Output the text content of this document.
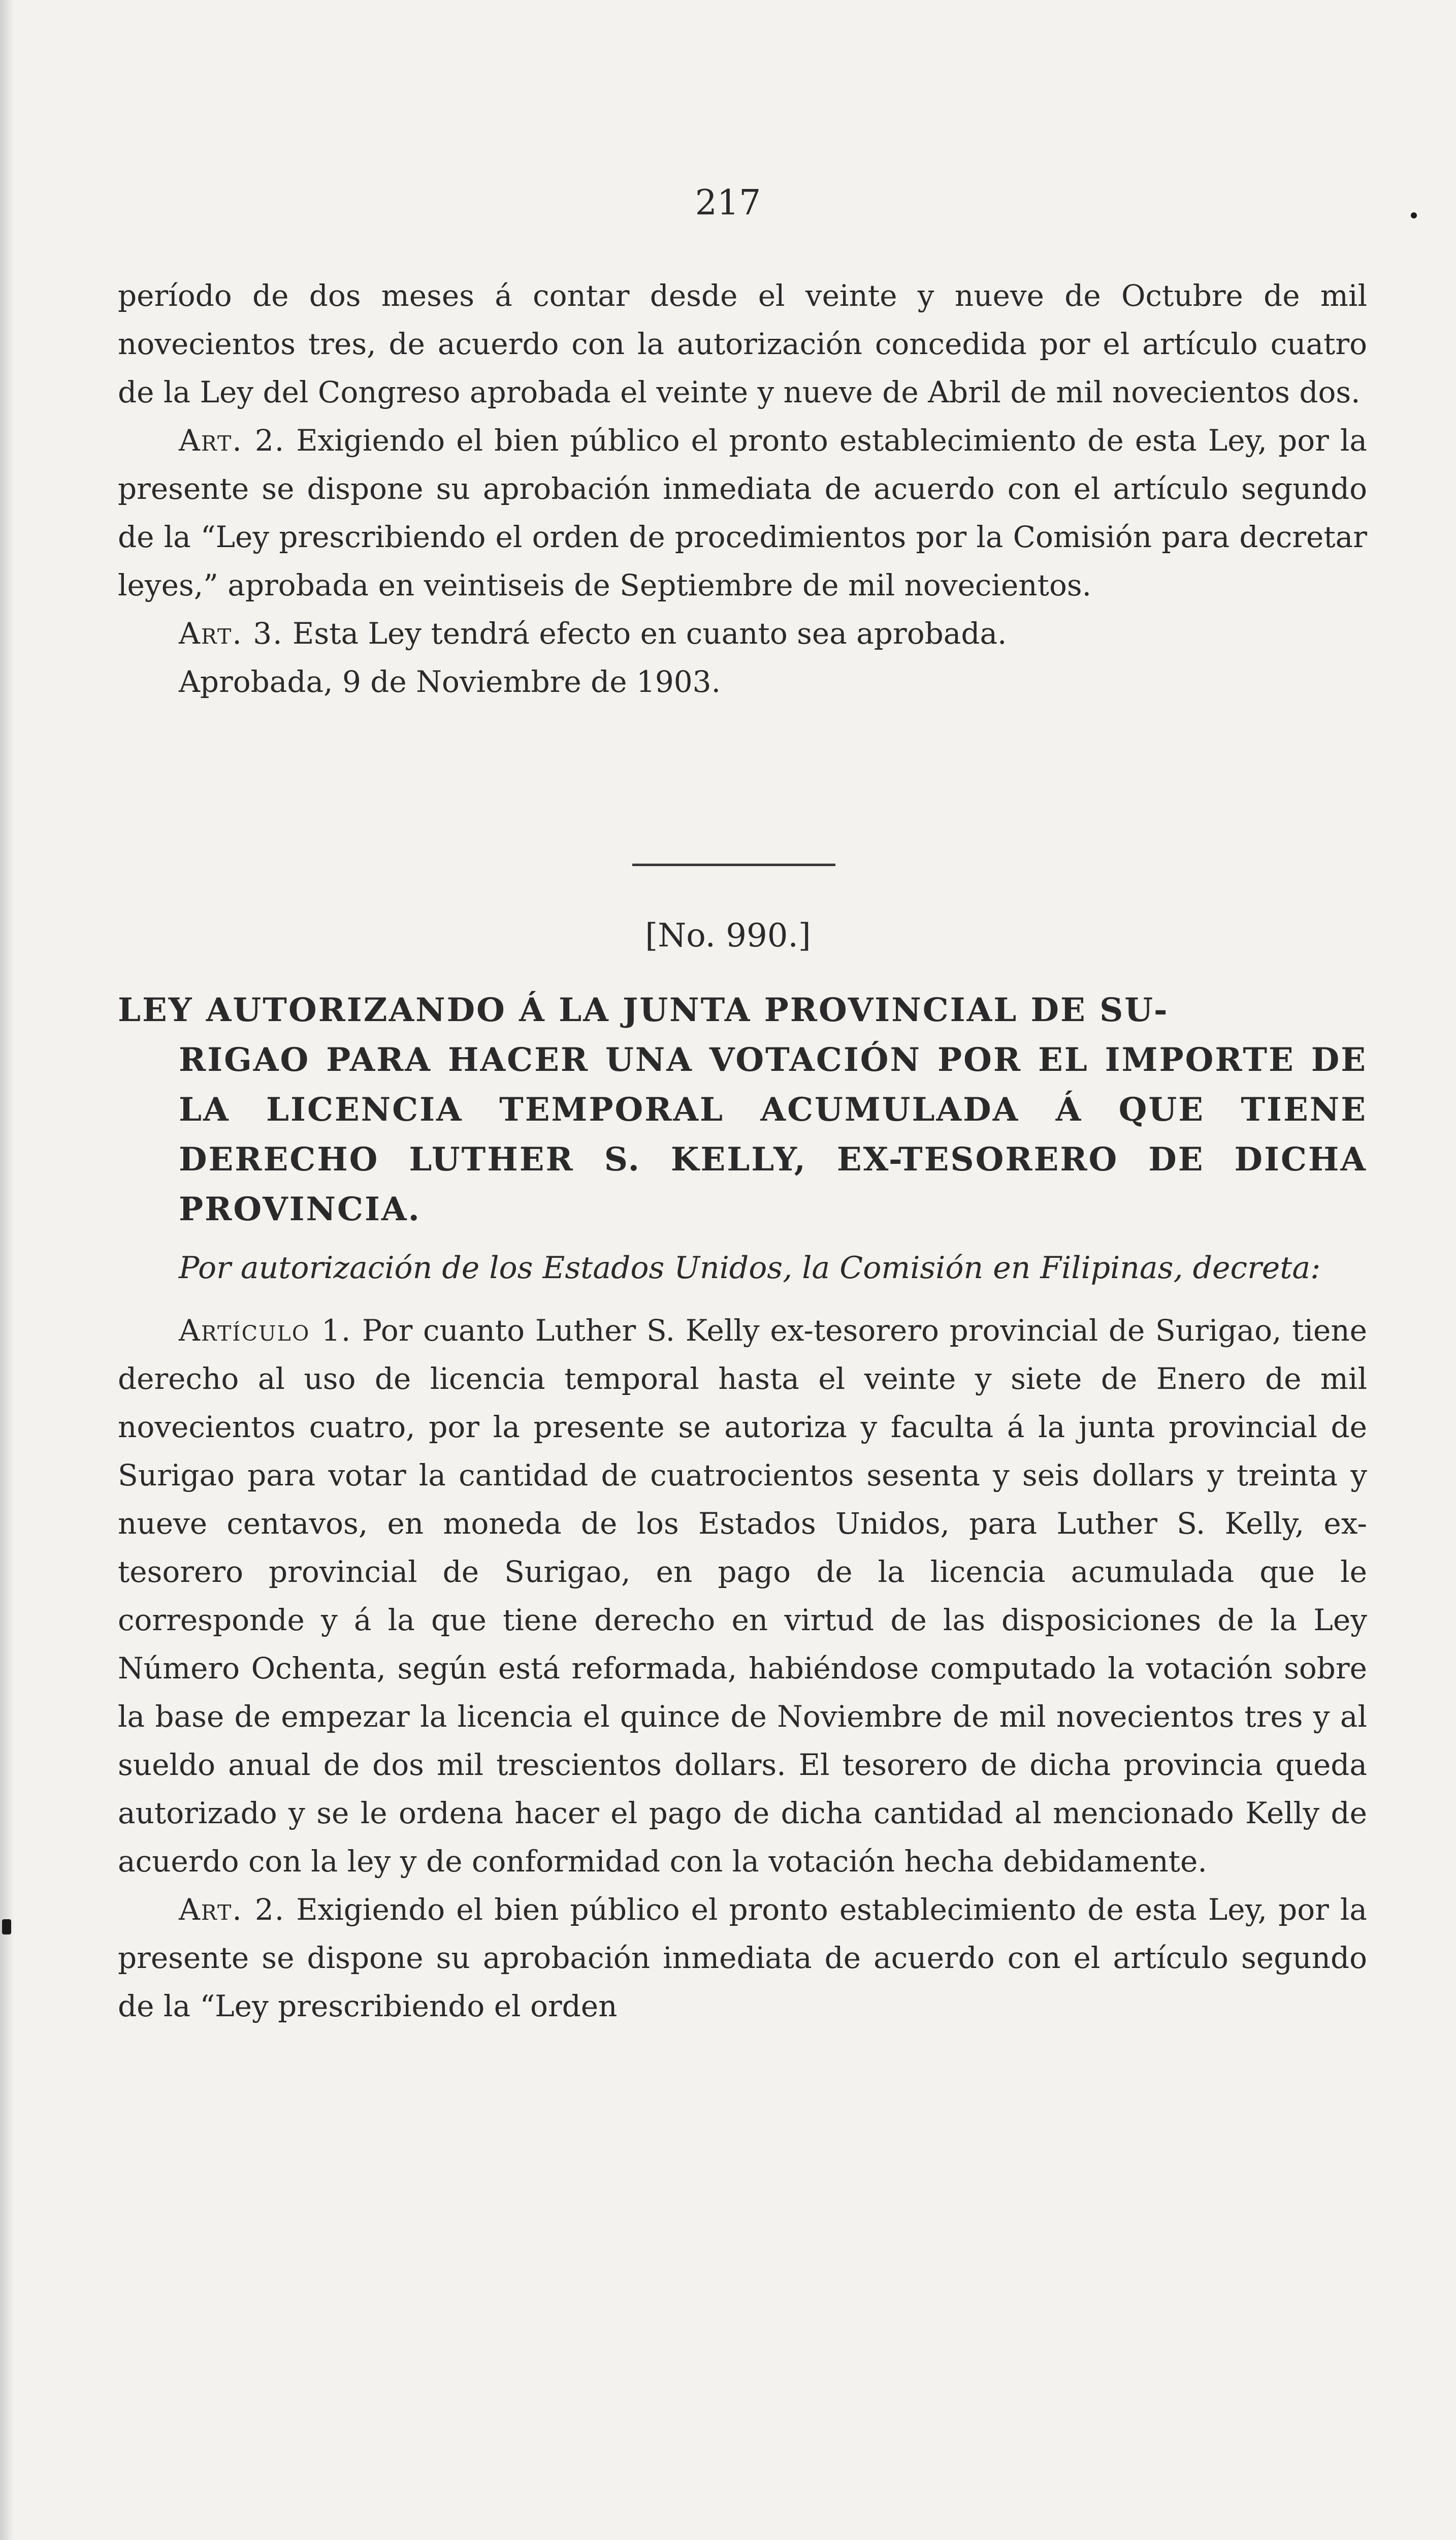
217

período de dos meses á contar desde el veinte y nueve de Octubre de mil novecientos tres, de acuerdo con la autorización concedida por el artículo cuatro de la Ley del Congreso aprobada el veinte y nueve de Abril de mil novecientos dos.

Art. 2. Exigiendo el bien público el pronto establecimiento de esta Ley, por la presente se dispone su aprobación inmediata de acuerdo con el artículo segundo de la “Ley prescribiendo el orden de procedimientos por la Comisión para decretar leyes,” aprobada en veintiseis de Septiembre de mil novecientos.

Art. 3. Esta Ley tendrá efecto en cuanto sea aprobada.

Aprobada, 9 de Noviembre de 1903.

[No. 990.]

LEY AUTORIZANDO Á LA JUNTA PROVINCIAL DE SU-
RIGAO PARA HACER UNA VOTACIÓN POR EL IMPORTE DE LA LICENCIA TEMPORAL ACUMULADA Á QUE TIENE DERECHO LUTHER S. KELLY, EX-TESORERO DE DICHA PROVINCIA.

Por autorización de los Estados Unidos, la Comisión en Filipinas, decreta:

Artículo 1. Por cuanto Luther S. Kelly ex-tesorero provincial de Surigao, tiene derecho al uso de licencia temporal hasta el veinte y siete de Enero de mil novecientos cuatro, por la presente se autoriza y faculta á la junta provincial de Surigao para votar la cantidad de cuatrocientos sesenta y seis dollars y treinta y nueve centavos, en moneda de los Estados Unidos, para Luther S. Kelly, ex-tesorero provincial de Surigao, en pago de la licencia acumulada que le corresponde y á la que tiene derecho en virtud de las disposiciones de la Ley Número Ochenta, según está reformada, habiéndose computado la votación sobre la base de empezar la licencia el quince de Noviembre de mil novecientos tres y al sueldo anual de dos mil trescientos dollars. El tesorero de dicha provincia queda autorizado y se le ordena hacer el pago de dicha cantidad al mencionado Kelly de acuerdo con la ley y de conformidad con la votación hecha debidamente.

Art. 2. Exigiendo el bien público el pronto establecimiento de esta Ley, por la presente se dispone su aprobación inmediata de acuerdo con el artículo segundo de la “Ley prescribiendo el orden
